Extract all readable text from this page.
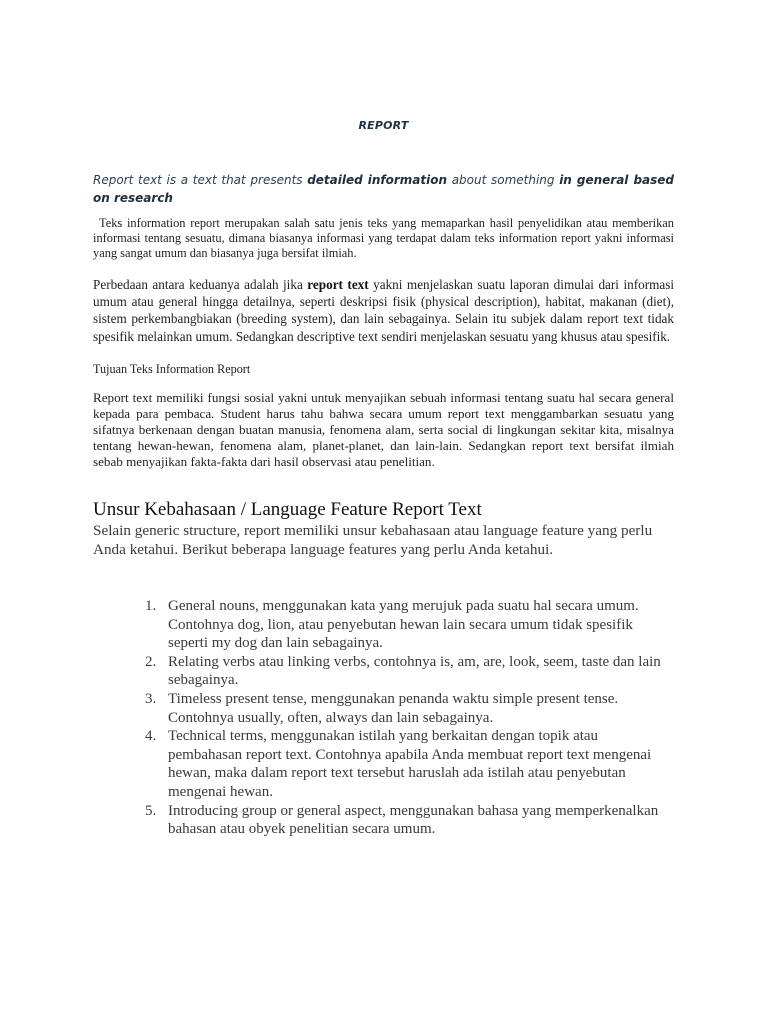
REPORT
Report text is a text that presents detailed information about something in general based on research
Teks information report merupakan salah satu jenis teks yang memaparkan hasil penyelidikan atau memberikan informasi tentang sesuatu, dimana biasanya informasi yang terdapat dalam teks information report yakni informasi yang sangat umum dan biasanya juga bersifat ilmiah.
Perbedaan antara keduanya adalah jika report text yakni menjelaskan suatu laporan dimulai dari informasi umum atau general hingga detailnya, seperti deskripsi fisik (physical description), habitat, makanan (diet), sistem perkembangbiakan (breeding system), dan lain sebagainya. Selain itu subjek dalam report text tidak spesifik melainkan umum. Sedangkan descriptive text sendiri menjelaskan sesuatu yang khusus atau spesifik.
Tujuan Teks Information Report
Report text memiliki fungsi sosial yakni untuk menyajikan sebuah informasi tentang suatu hal secara general kepada para pembaca. Student harus tahu bahwa secara umum report text menggambarkan sesuatu yang sifatnya berkenaan dengan buatan manusia, fenomena alam, serta social di lingkungan sekitar kita, misalnya tentang hewan-hewan, fenomena alam, planet-planet, dan lain-lain. Sedangkan report text bersifat ilmiah sebab menyajikan fakta-fakta dari hasil observasi atau penelitian.
Unsur Kebahasaan / Language Feature Report Text
Selain generic structure, report memiliki unsur kebahasaan atau language feature yang perlu Anda ketahui. Berikut beberapa language features yang perlu Anda ketahui.
1. General nouns, menggunakan kata yang merujuk pada suatu hal secara umum. Contohnya dog, lion, atau penyebutan hewan lain secara umum tidak spesifik seperti my dog dan lain sebagainya.
2. Relating verbs atau linking verbs, contohnya is, am, are, look, seem, taste dan lain sebagainya.
3. Timeless present tense, menggunakan penanda waktu simple present tense. Contohnya usually, often, always dan lain sebagainya.
4. Technical terms, menggunakan istilah yang berkaitan dengan topik atau pembahasan report text. Contohnya apabila Anda membuat report text mengenai hewan, maka dalam report text tersebut haruslah ada istilah atau penyebutan mengenai hewan.
5. Introducing group or general aspect, menggunakan bahasa yang memperkenalkan bahasan atau obyek penelitian secara umum.
